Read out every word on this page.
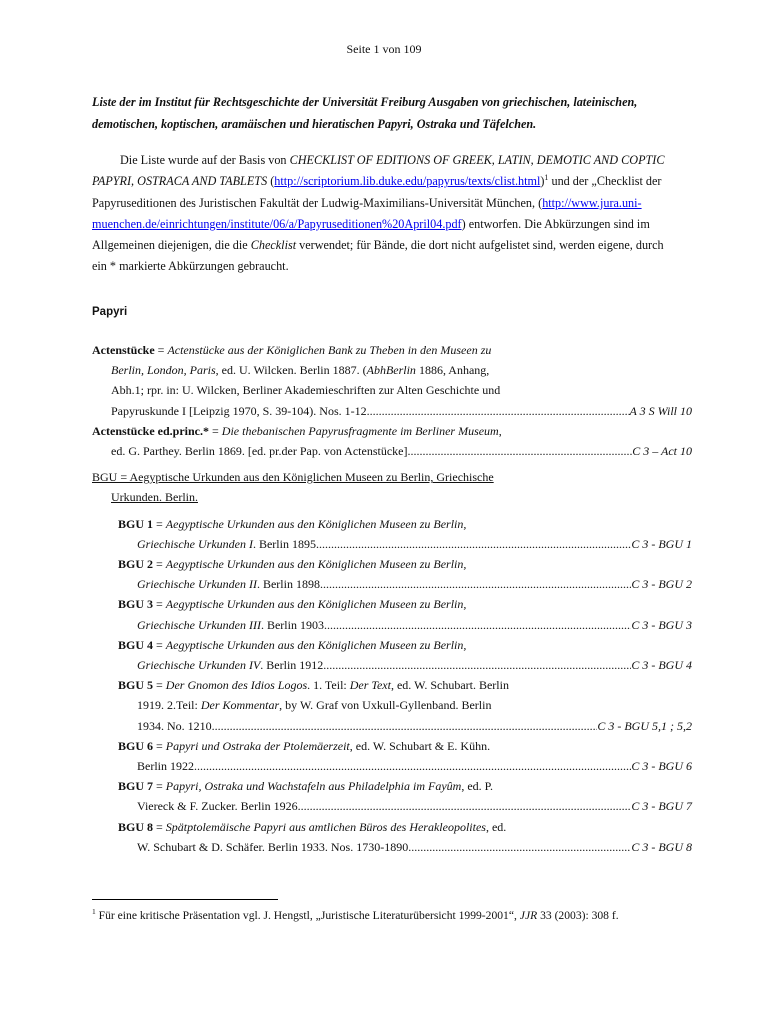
Seite 1 von 109
Liste der im Institut für Rechtsgeschichte der Universität Freiburg Ausgaben von griechischen, lateinischen, demotischen, koptischen, aramäischen und hieratischen Papyri, Ostraka und Täfelchen.
Die Liste wurde auf der Basis von CHECKLIST OF EDITIONS OF GREEK, LATIN, DEMOTIC AND COPTIC PAPYRI, OSTRACA AND TABLETS (http://scriptorium.lib.duke.edu/papyrus/texts/clist.html)$^1$ und der „Checklist der Papyruseditionen des Juristischen Fakultät der Ludwig-Maximilians-Universität München, (http://www.jura.uni-muenchen.de/einrichtungen/institute/06/a/Papyruseditionen%20April04.pdf) entworfen. Die Abkürzungen sind im Allgemeinen diejenigen, die die Checklist verwendet; für Bände, die dort nicht aufgelistet sind, werden eigene, durch ein * markierte Abkürzungen gebraucht.
Papyri
Actenstücke = Actenstücke aus der Königlichen Bank zu Theben in den Museen zu
Berlin, London, Paris, ed. U. Wilcken. Berlin 1887. (AbhBerlin 1886, Anhang,
Abh.1; rpr. in: U. Wilcken, Berliner Akademieschriften zur Alten Geschichte und
Papyruskunde I [Leipzig 1970, S. 39-104). Nos. 1-12. .....	A 3 S Will 10
Actenstücke ed.princ.* = Die thebanischen Papyrusfragmente im Berliner Museum,
ed. G. Parthey. Berlin 1869. [ed. pr.der Pap. von Actenstücke] .....	C 3 – Act 10
BGU = Aegyptische Urkunden aus den Königlichen Museen zu Berlin, Griechische
Urkunden. Berlin.
BGU 1 = Aegyptische Urkunden aus den Königlichen Museen zu Berlin,
Griechische Urkunden I. Berlin 1895. .....	C 3 - BGU 1
BGU 2 = Aegyptische Urkunden aus den Königlichen Museen zu Berlin,
Griechische Urkunden II. Berlin 1898. .....	C 3 - BGU 2
BGU 3 = Aegyptische Urkunden aus den Königlichen Museen zu Berlin,
Griechische Urkunden III. Berlin 1903 .....	C 3 - BGU 3
BGU 4 = Aegyptische Urkunden aus den Königlichen Museen zu Berlin,
Griechische Urkunden IV. Berlin 1912. .....	C 3 - BGU 4
BGU 5 = Der Gnomon des Idios Logos. 1. Teil: Der Text, ed. W. Schubart. Berlin
1919. 2.Teil: Der Kommentar, by W. Graf von Uxkull-Gyllenband. Berlin
1934. No. 1210. .....	C 3 - BGU 5,1 ; 5,2
BGU 6 = Papyri und Ostraka der Ptolemäerzeit, ed. W. Schubart & E. Kühn.
Berlin 1922. .....	C 3 - BGU 6
BGU 7 = Papyri, Ostraka und Wachstafeln aus Philadelphia im Fayûm, ed. P.
Viereck & F. Zucker. Berlin 1926. .....	C 3 - BGU 7
BGU 8 = Spätptolemäische Papyri aus amtlichen Büros des Herakleopolites, ed.
W. Schubart & D. Schäfer. Berlin 1933. Nos. 1730-1890. .....	C 3 - BGU 8
$^1$ Für eine kritische Präsentation vgl. J. Hengstl, „Juristische Literaturübersicht 1999-2001“, JJR 33 (2003): 308 f.
